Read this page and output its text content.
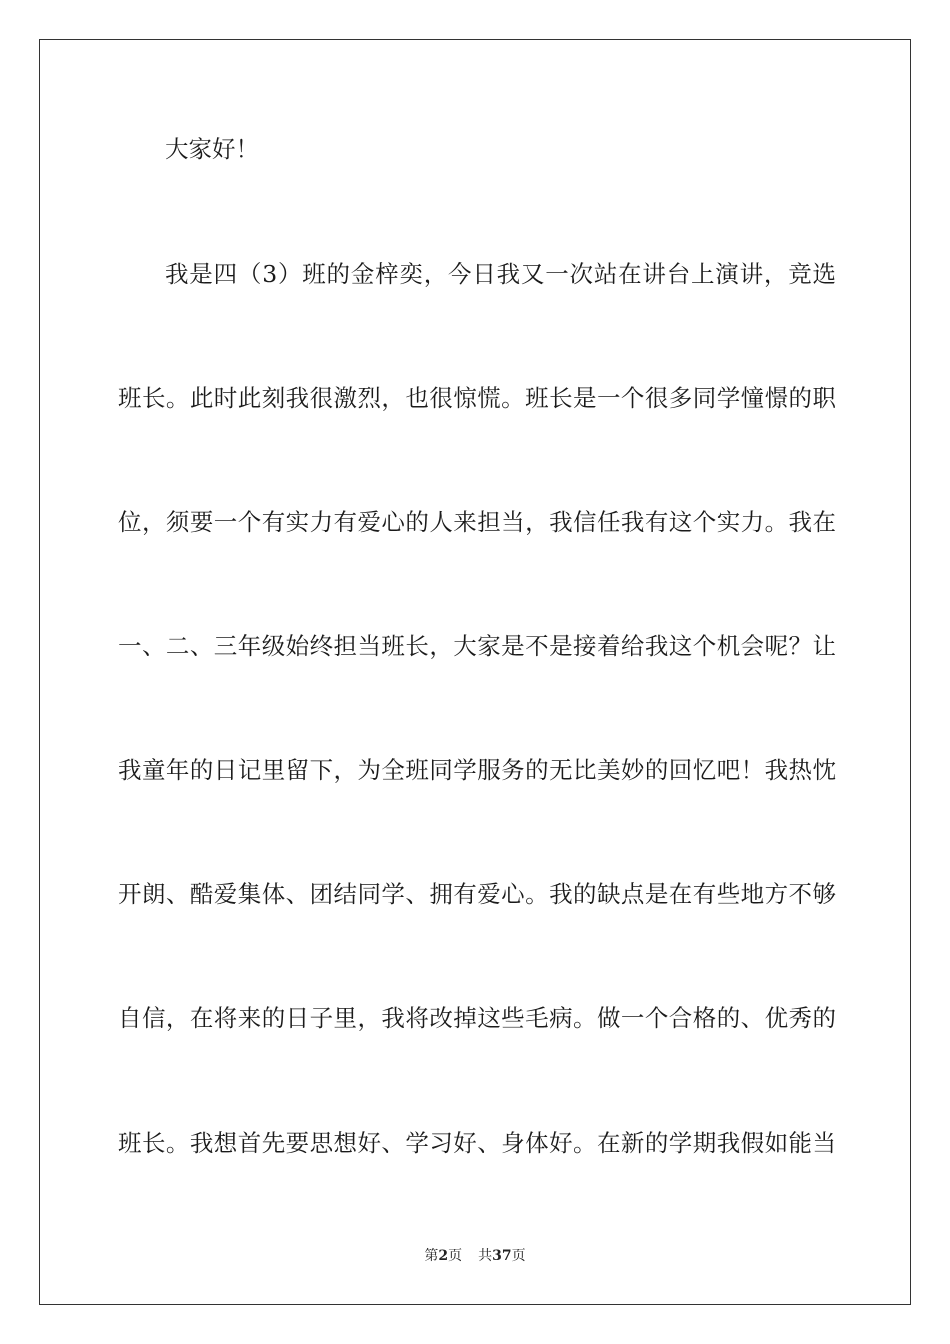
大家好！
我是四（3）班的金梓奕，今日我又一次站在讲台上演讲，竞选
班长。此时此刻我很激烈，也很惊慌。班长是一个很多同学憧憬的职
位，须要一个有实力有爱心的人来担当，我信任我有这个实力。我在
一、二、三年级始终担当班长，大家是不是接着给我这个机会呢？让
我童年的日记里留下，为全班同学服务的无比美妙的回忆吧！我热忱
开朗、酷爱集体、团结同学、拥有爱心。我的缺点是在有些地方不够
自信，在将来的日子里，我将改掉这些毛病。做一个合格的、优秀的
班长。我想首先要思想好、学习好、身体好。在新的学期我假如能当
第2页 共37页
